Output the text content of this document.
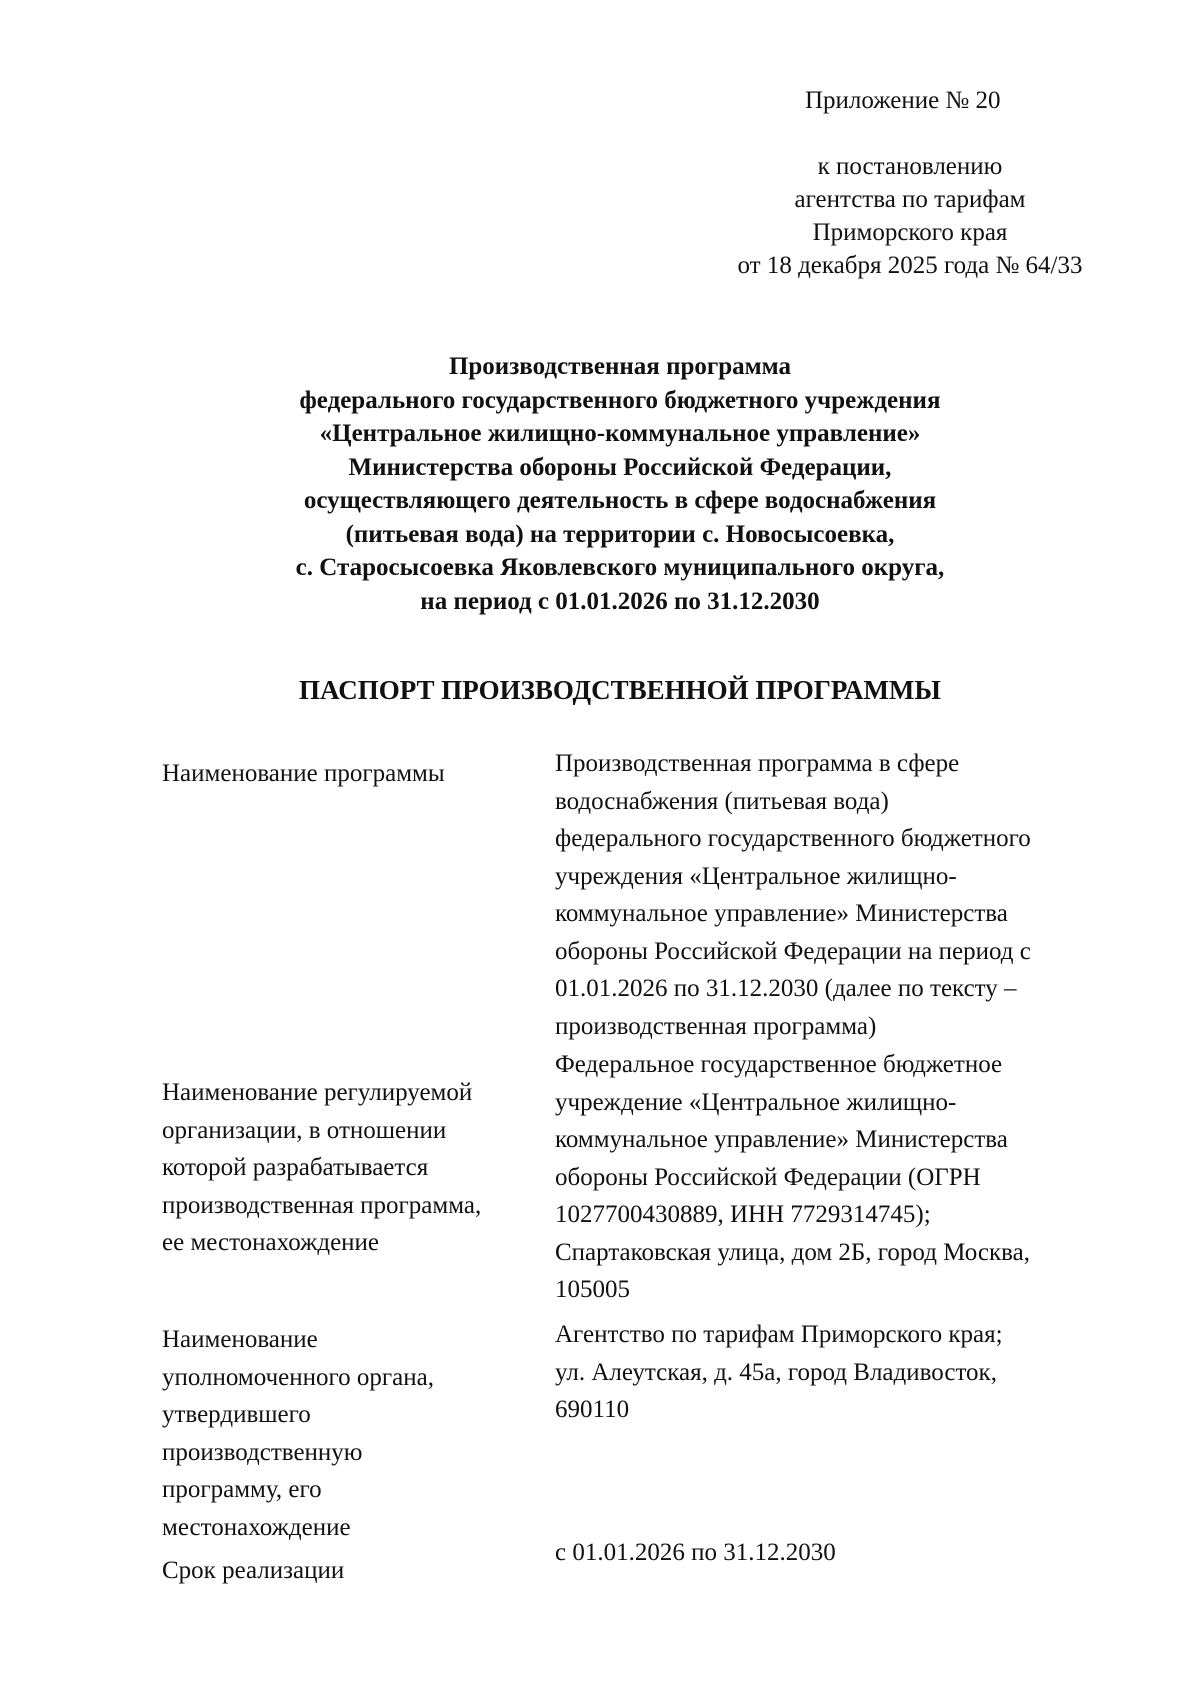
Приложение № 20
к постановлению
агентства по тарифам
Приморского края
от 18 декабря 2025 года № 64/33
Производственная программа
федерального государственного бюджетного учреждения
«Центральное жилищно-коммунальное управление»
Министерства обороны Российской Федерации,
осуществляющего деятельность в сфере водоснабжения
(питьевая вода) на территории с. Новосысоевка,
с. Старосысоевка Яковлевского муниципального округа,
на период с 01.01.2026 по 31.12.2030
ПАСПОРТ ПРОИЗВОДСТВЕННОЙ ПРОГРАММЫ
Наименование программы	Производственная программа в сфере
водоснабжения (питьевая вода)
федерального государственного бюджетного
учреждения «Центральное жилищно-
коммунальное управление» Министерства
обороны Российской Федерации на период с
01.01.2026 по 31.12.2030 (далее по тексту –
производственная программа)
Наименование регулируемой
организации, в отношении
которой разрабатывается
производственная программа,
ее местонахождение
Федеральное государственное бюджетное
учреждение «Центральное жилищно-
коммунальное управление» Министерства
обороны Российской Федерации (ОГРН
1027700430889, ИНН 7729314745);
Спартаковская улица, дом 2Б, город Москва,
105005
Наименование
уполномоченного органа,
утвердившего
производственную
программу, его
местонахождение
Агентство по тарифам Приморского края;
ул. Алеутская, д. 45а, город Владивосток,
690110
Срок реализации
с 01.01.2026 по 31.12.2030
